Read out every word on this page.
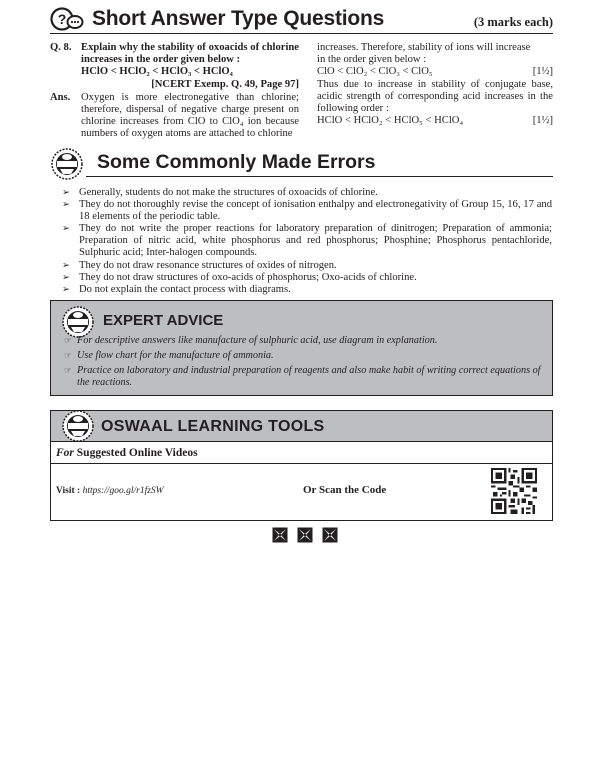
? Short Answer Type Questions	(3 marks each)
Q. 8. Explain why the stability of oxoacids of chlorine increases in the order given below :
HClO < HClO₂ < HClO₃ < HClO₄
[NCERT Exemp. Q. 49, Page 97]
Ans.	Oxygen is more electronegative than chlorine; therefore, dispersal of negative charge present on chlorine increases from ClO to ClO₄ ion because numbers of oxygen atoms are attached to chlorine
increases. Therefore, stability of ions will increase
in the order given below :
ClO < ClO₂ < ClO₃ < ClO₅	[1½]
Thus due to increase in stability of conjugate base, acidic strength of corresponding acid increases in the following order :
HClO < HClO₂ < HClO₅ < HClO₄	[1½]
Some Commonly Made Errors
➢ Generally, students do not make the structures of oxoacids of chlorine.
➢ They do not thoroughly revise the concept of ionisation enthalpy and electronegativity of Group 15, 16, 17 and 18 elements of the periodic table.
➢ They do not write the proper reactions for laboratory preparation of dinitrogen; Preparation of ammonia; Preparation of nitric acid, white phosphorus and red phosphorus; Phosphine; Phosphorus pentachloride, Sulphuric acid; Inter-halogen compounds.
➢ They do not draw resonance structures of oxides of nitrogen.
➢ They do not draw structures of oxo-acids of phosphorus; Oxo-acids of chlorine.
➢ Do not explain the contact process with diagrams.
EXPERT ADVICE
☞ For descriptive answers like manufacture of sulphuric acid, use diagram in explanation.
☞ Use flow chart for the manufacture of ammonia.
☞ Practice on laboratory and industrial preparation of reagents and also make habit of writing correct equations of the reactions.
OSWAAL LEARNING TOOLS
For Suggested Online Videos
Visit : https://goo.gl/r1fzSW	Or Scan the Code
